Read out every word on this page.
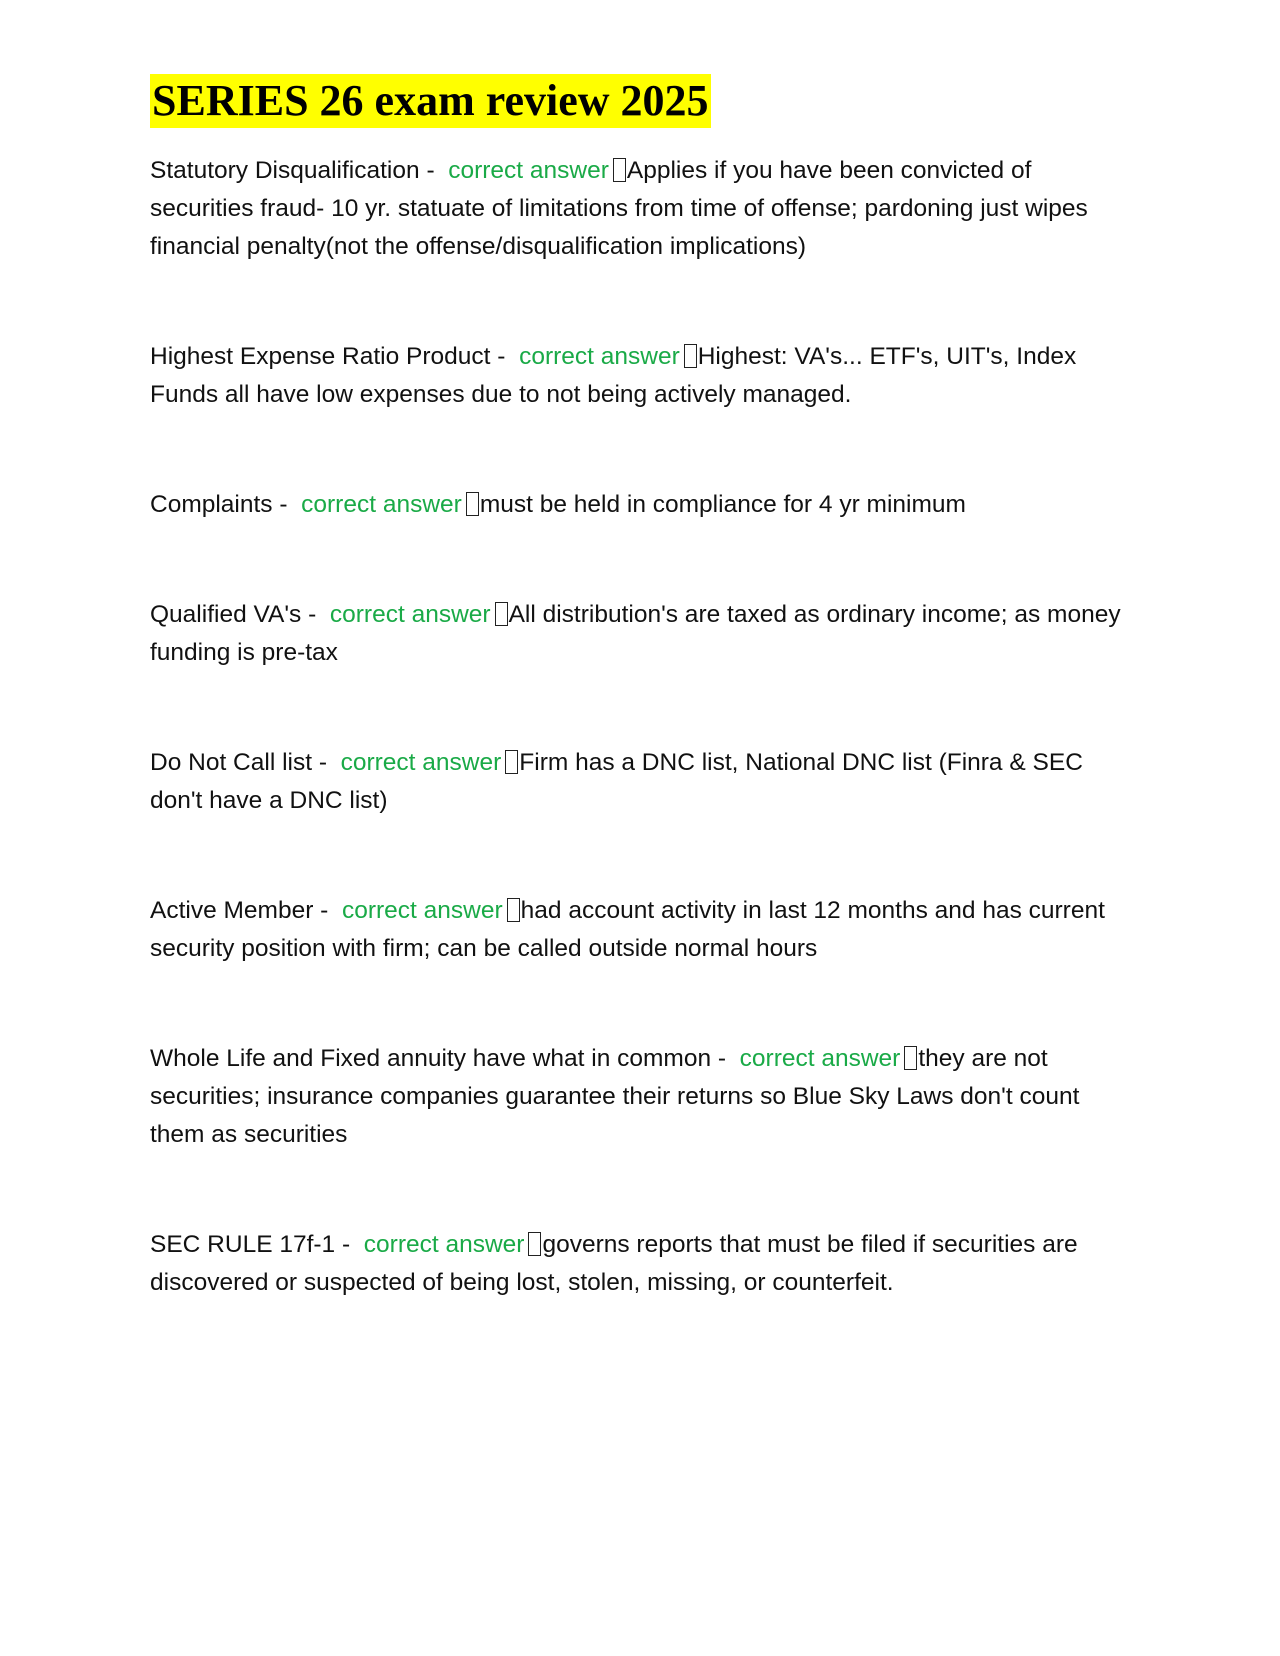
SERIES 26 exam review 2025
Statutory Disqualification -  correct answer Applies if you have been convicted of securities fraud- 10 yr. statuate of limitations from time of offense; pardoning just wipes financial penalty(not the offense/disqualification implications)
Highest Expense Ratio Product -  correct answer Highest: VA's... ETF's, UIT's, Index Funds all have low expenses due to not being actively managed.
Complaints -  correct answer must be held in compliance for 4 yr minimum
Qualified VA's -  correct answer All distribution's are taxed as ordinary income; as money funding is pre-tax
Do Not Call list -  correct answer Firm has a DNC list, National DNC list (Finra & SEC don't have a DNC list)
Active Member -  correct answer had account activity in last 12 months and has current security position with firm; can be called outside normal hours
Whole Life and Fixed annuity have what in common -  correct answer they are not securities; insurance companies guarantee their returns so Blue Sky Laws don't count them as securities
SEC RULE 17f-1 -  correct answer governs reports that must be filed if securities are discovered or suspected of being lost, stolen, missing, or counterfeit.
